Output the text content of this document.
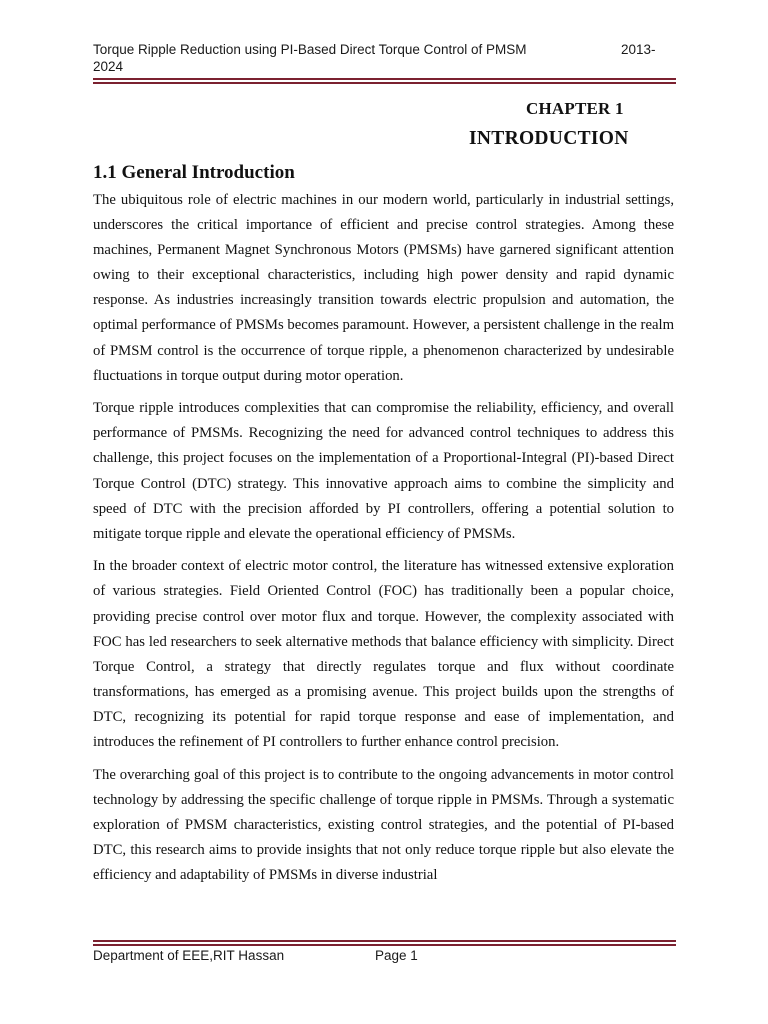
Torque Ripple Reduction using PI-Based Direct Torque Control of PMSM	2013-
2024
CHAPTER 1
INTRODUCTION
1.1 General Introduction

The ubiquitous role of electric machines in our modern world, particularly in industrial settings, underscores the critical importance of efficient and precise control strategies. Among these machines, Permanent Magnet Synchronous Motors (PMSMs) have garnered significant attention owing to their exceptional characteristics, including high power density and rapid dynamic response. As industries increasingly transition towards electric propulsion and automation, the optimal performance of PMSMs becomes paramount. However, a persistent challenge in the realm of PMSM control is the occurrence of torque ripple, a phenomenon characterized by undesirable fluctuations in torque output during motor operation.

Torque ripple introduces complexities that can compromise the reliability, efficiency, and overall performance of PMSMs. Recognizing the need for advanced control techniques to address this challenge, this project focuses on the implementation of a Proportional-Integral (PI)-based Direct Torque Control (DTC) strategy. This innovative approach aims to combine the simplicity and speed of DTC with the precision afforded by PI controllers, offering a potential solution to mitigate torque ripple and elevate the operational efficiency of PMSMs.

In the broader context of electric motor control, the literature has witnessed extensive exploration of various strategies. Field Oriented Control (FOC) has traditionally been a popular choice, providing precise control over motor flux and torque. However, the complexity associated with FOC has led researchers to seek alternative methods that balance efficiency with simplicity. Direct Torque Control, a strategy that directly regulates torque and flux without coordinate transformations, has emerged as a promising avenue. This project builds upon the strengths of DTC, recognizing its potential for rapid torque response and ease of implementation, and introduces the refinement of PI controllers to further enhance control precision.

The overarching goal of this project is to contribute to the ongoing advancements in motor control technology by addressing the specific challenge of torque ripple in PMSMs. Through a systematic exploration of PMSM characteristics, existing control strategies, and the potential of PI-based DTC, this research aims to provide insights that not only reduce torque ripple but also elevate the efficiency and adaptability of PMSMs in diverse industrial

Department of EEE,RIT Hassan	Page 1
